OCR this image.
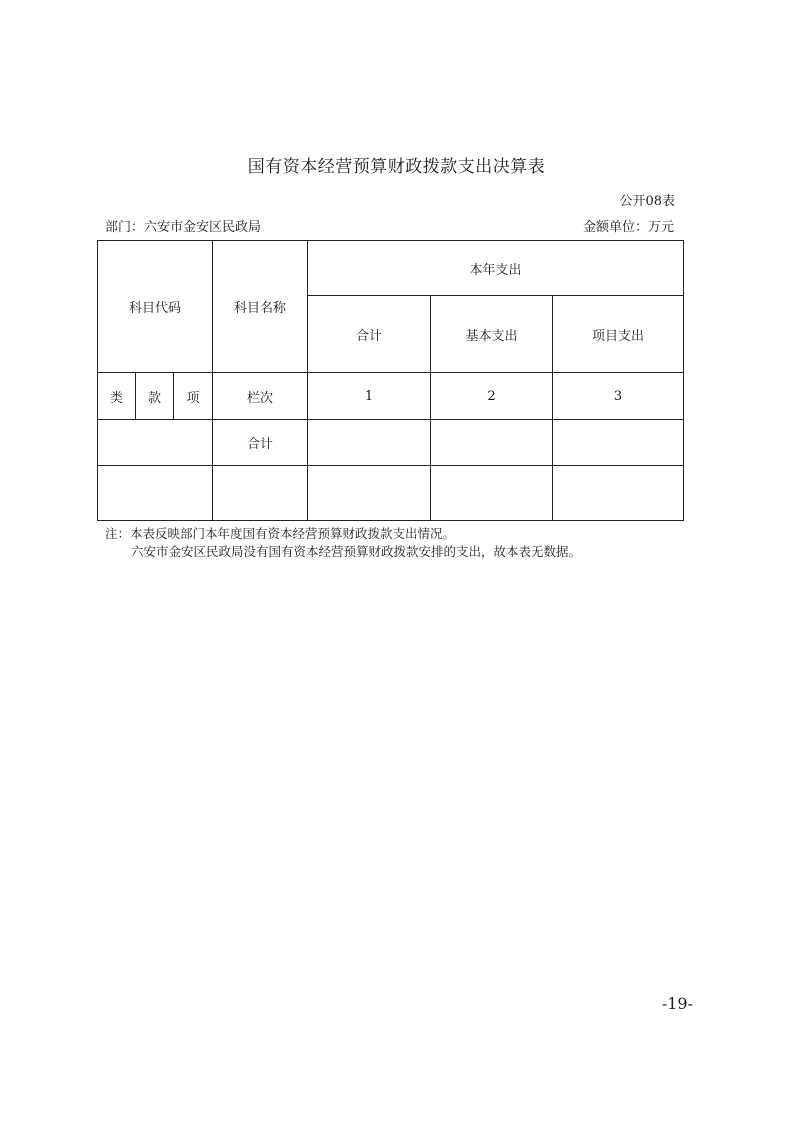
国有资本经营预算财政拨款支出决算表
公开08表
部门：六安市金安区民政局	金额单位：万元
科目代码			科目名称	本年支出		
				合计	基本支出	项目支出
类	款	项	栏次	1	2	3
			合计			

注：本表反映部门本年度国有资本经营预算财政拨款支出情况。
六安市金安区民政局没有国有资本经营预算财政拨款安排的支出，故本表无数据。
-19-
